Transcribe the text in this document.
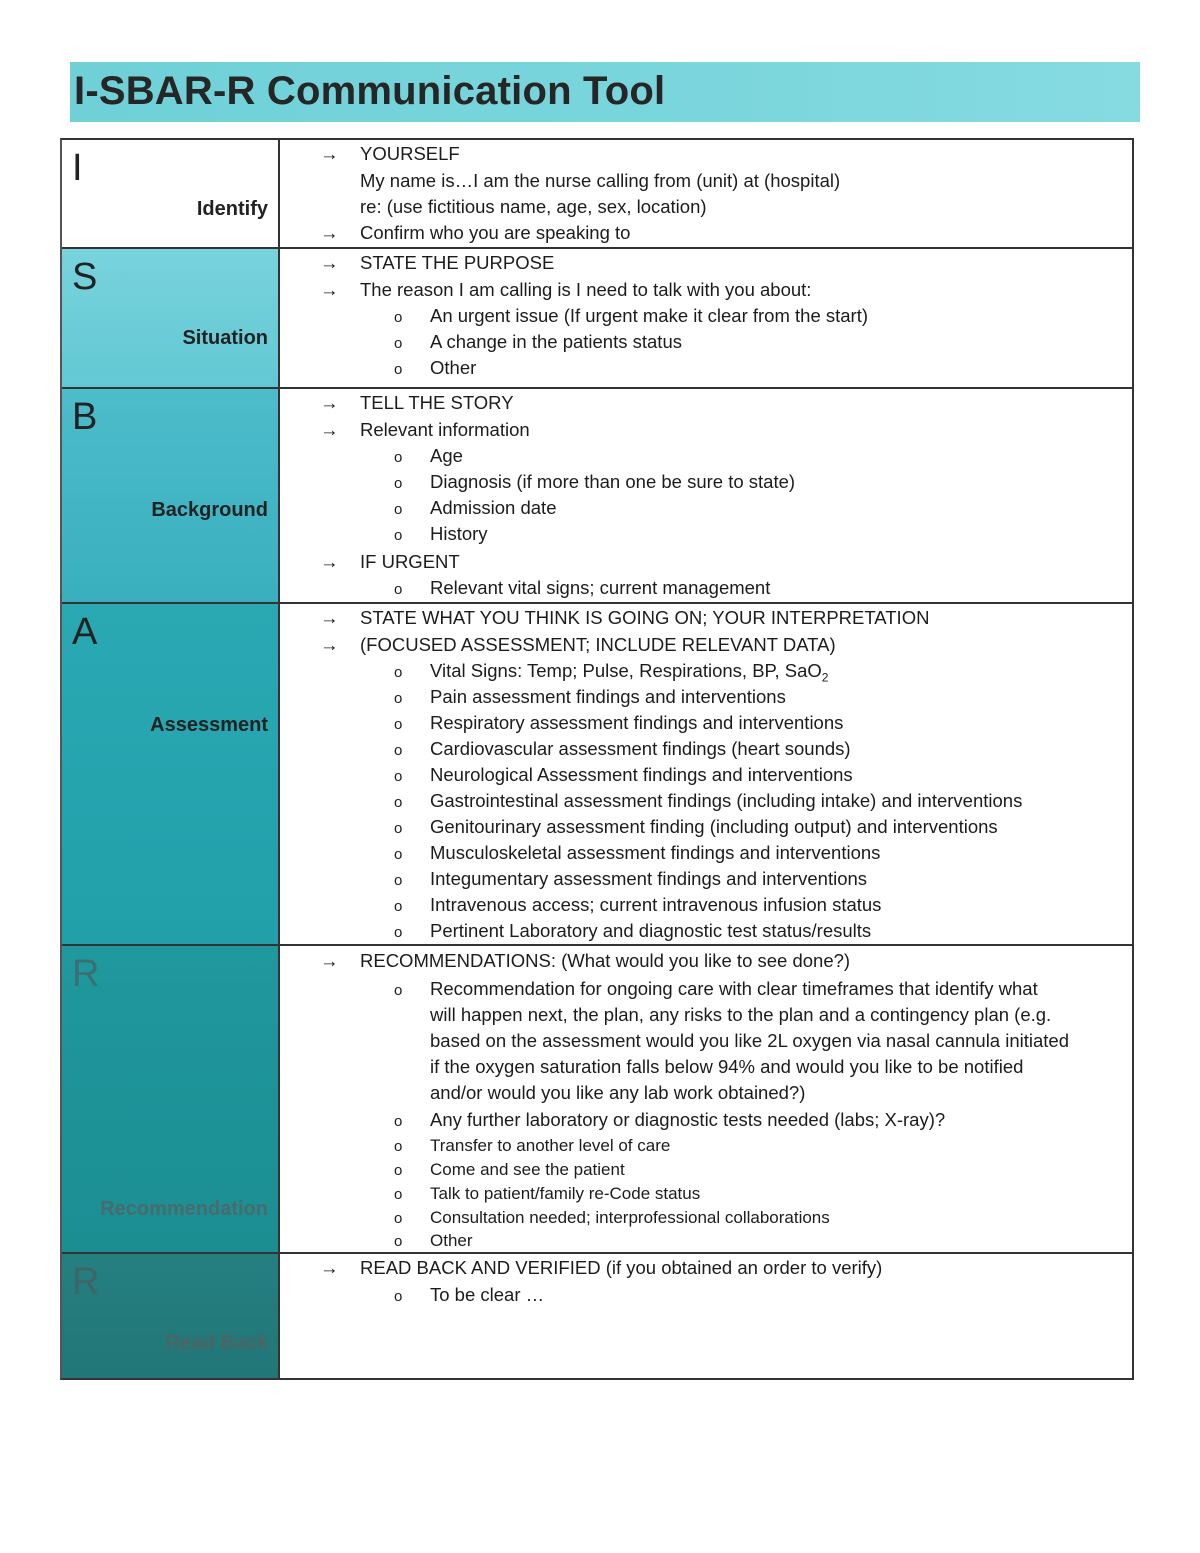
I-SBAR-R Communication Tool
I
Identify
→ YOURSELF
My name is…I am the nurse calling from (unit) at (hospital)
re: (use fictitious name, age, sex, location)
→ Confirm who you are speaking to
S
Situation
→ STATE THE PURPOSE
→ The reason I am calling is I need to talk with you about:
o An urgent issue (If urgent make it clear from the start)
o A change in the patients status
o Other
B
Background
→ TELL THE STORY
→ Relevant information
o Age
o Diagnosis (if more than one be sure to state)
o Admission date
o History
→ IF URGENT
o Relevant vital signs; current management
A
Assessment
→ STATE WHAT YOU THINK IS GOING ON; YOUR INTERPRETATION
→ (FOCUSED ASSESSMENT; INCLUDE RELEVANT DATA)
o Vital Signs: Temp; Pulse, Respirations, BP, SaO$_2$
o Pain assessment findings and interventions
o Respiratory assessment findings and interventions
o Cardiovascular assessment findings (heart sounds)
o Neurological Assessment findings and interventions
o Gastrointestinal assessment findings (including intake) and interventions
o Genitourinary assessment finding (including output) and interventions
o Musculoskeletal assessment findings and interventions
o Integumentary assessment findings and interventions
o Intravenous access; current intravenous infusion status
o Pertinent Laboratory and diagnostic test status/results
R
Recommendation
→ RECOMMENDATIONS: (What would you like to see done?)
o Recommendation for ongoing care with clear timeframes that identify what
will happen next, the plan, any risks to the plan and a contingency plan (e.g.
based on the assessment would you like 2L oxygen via nasal cannula initiated
if the oxygen saturation falls below 94% and would you like to be notified
and/or would you like any lab work obtained?)
o Any further laboratory or diagnostic tests needed (labs; X-ray)?
o Transfer to another level of care
o Come and see the patient
o Talk to patient/family re-Code status
o Consultation needed; interprofessional collaborations
o Other
R
Read Back
→ READ BACK AND VERIFIED (if you obtained an order to verify)
o To be clear …
